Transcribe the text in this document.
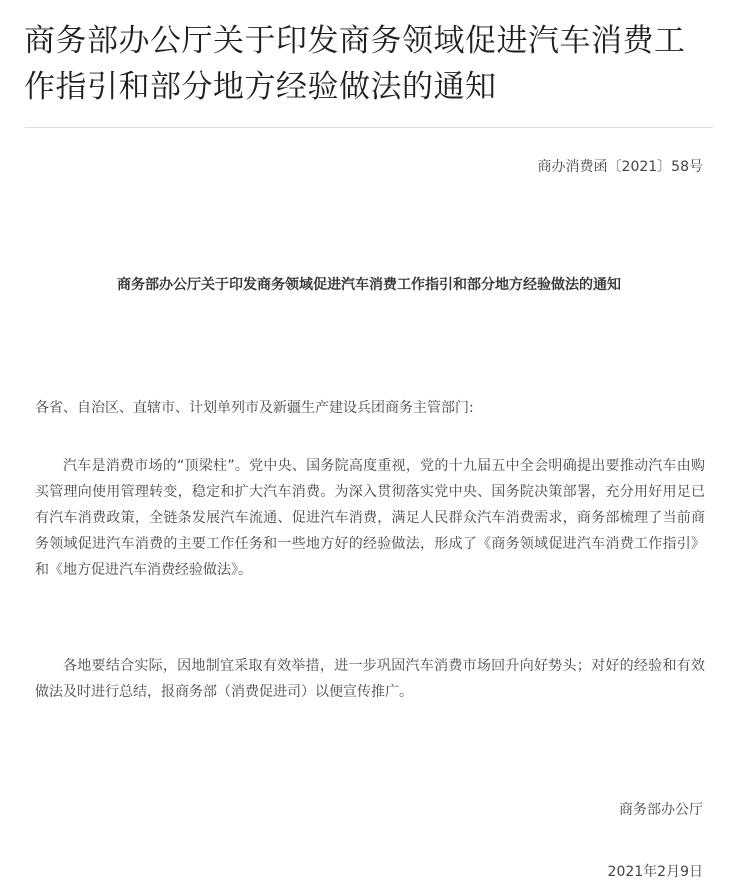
商务部办公厅关于印发商务领域促进汽车消费工作指引和部分地方经验做法的通知
商办消费函〔2021〕58号
商务部办公厅关于印发商务领域促进汽车消费工作指引和部分地方经验做法的通知
各省、自治区、直辖市、计划单列市及新疆生产建设兵团商务主管部门:

汽车是消费市场的“顶梁柱”。党中央、国务院高度重视，党的十九届五中全会明确提出要推动汽车由购买管理向使用管理转变，稳定和扩大汽车消费。为深入贯彻落实党中央、国务院决策部署，充分用好用足已有汽车消费政策，全链条发展汽车流通、促进汽车消费，满足人民群众汽车消费需求，商务部梳理了当前商务领域促进汽车消费的主要工作任务和一些地方好的经验做法，形成了《商务领域促进汽车消费工作指引》和《地方促进汽车消费经验做法》。

各地要结合实际，因地制宜采取有效举措，进一步巩固汽车消费市场回升向好势头；对好的经验和有效做法及时进行总结，报商务部（消费促进司）以便宣传推广。

商务部办公厅
2021年2月9日
